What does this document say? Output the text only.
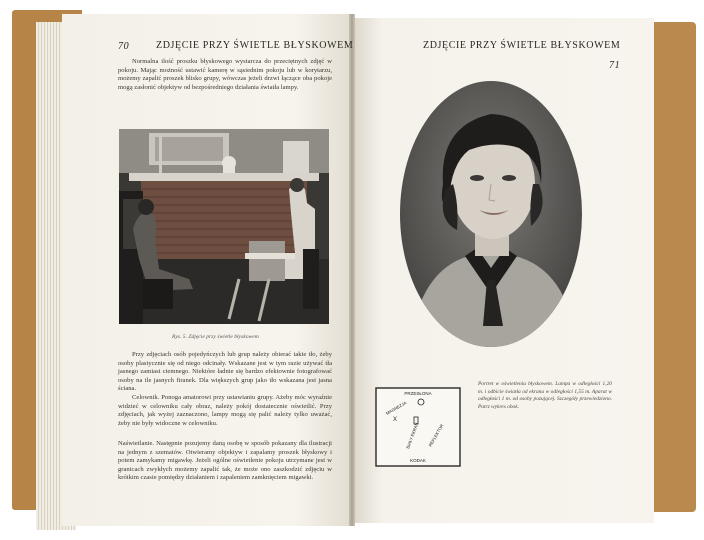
70	ZDJĘCIE PRZY ŚWIETLE BŁYSKOWEM

Normalna ilość proszku błyskowego wystarcza do przeciętnych zdjęć w pokoju. Mając możność ustawić kamerę w sąsiednim pokoju lub w korytarzu, możemy zapalić proszek blisko grupy, wówczas jeżeli drzwi łączące oba pokoje mogą zasłonić objektyw od bezpośredniego działania światła lampy.

Rys. 5. Zdjęcie przy świetle błyskowem

Przy zdjęciach osób pojedyńczych lub grup należy obierać takie tło, żeby osoby plastycznie się od niego odcinały. Wskazane jest w tym razie używać tła jasnego zamiast ciemnego. Niektóre ładnie się bardzo efektownie fotografować osoby na tle jasnych firanek. Dla większych grup jako tło wskazana jest jasna ściana.

Celownik. Ponoga amatorowi przy ustawianiu grupy. Ażeby móc wyraźnie widzieć w celowniku cały obraz, należy pokój dostatecznie oświetlić. Przy zdjęciach, jak wyżej zaznaczono, lampy mogą się palić należy tylko uważać, żeby nie były widoczne w celowniku.

Naświetlanie. Następnie pozujemy daną osobę w sposób pokazany dla ilustracji na jednym z szematów. Otwieramy objektyw i zapalamy proszek błyskowy i potem zamykamy migawkę. Jeżeli ogólne oświetlenie pokoju utrzymane jest w granicach zwykłych możemy zapalić tak, że może ono zaszkodzić zdjęciu w krótkim czasie pomiędzy działaniem i zapaleniem zamknięciem migawki.

ZDJĘCIE PRZY ŚWIETLE BŁYSKOWEM
71
PRZESŁONA
MAGNEZJA
X
BIAŁY EKRAN REFLEKTOR
KODAK
Portret w oświetleniu błyskowem. Lampa w odległości 1,20 m. i odbicie światła od ekranu w odległości 1,55 m. Aparat w odległości 1 m. od osoby pozującej. Szczegóły przewiedziono. Patrz wykres obok.
